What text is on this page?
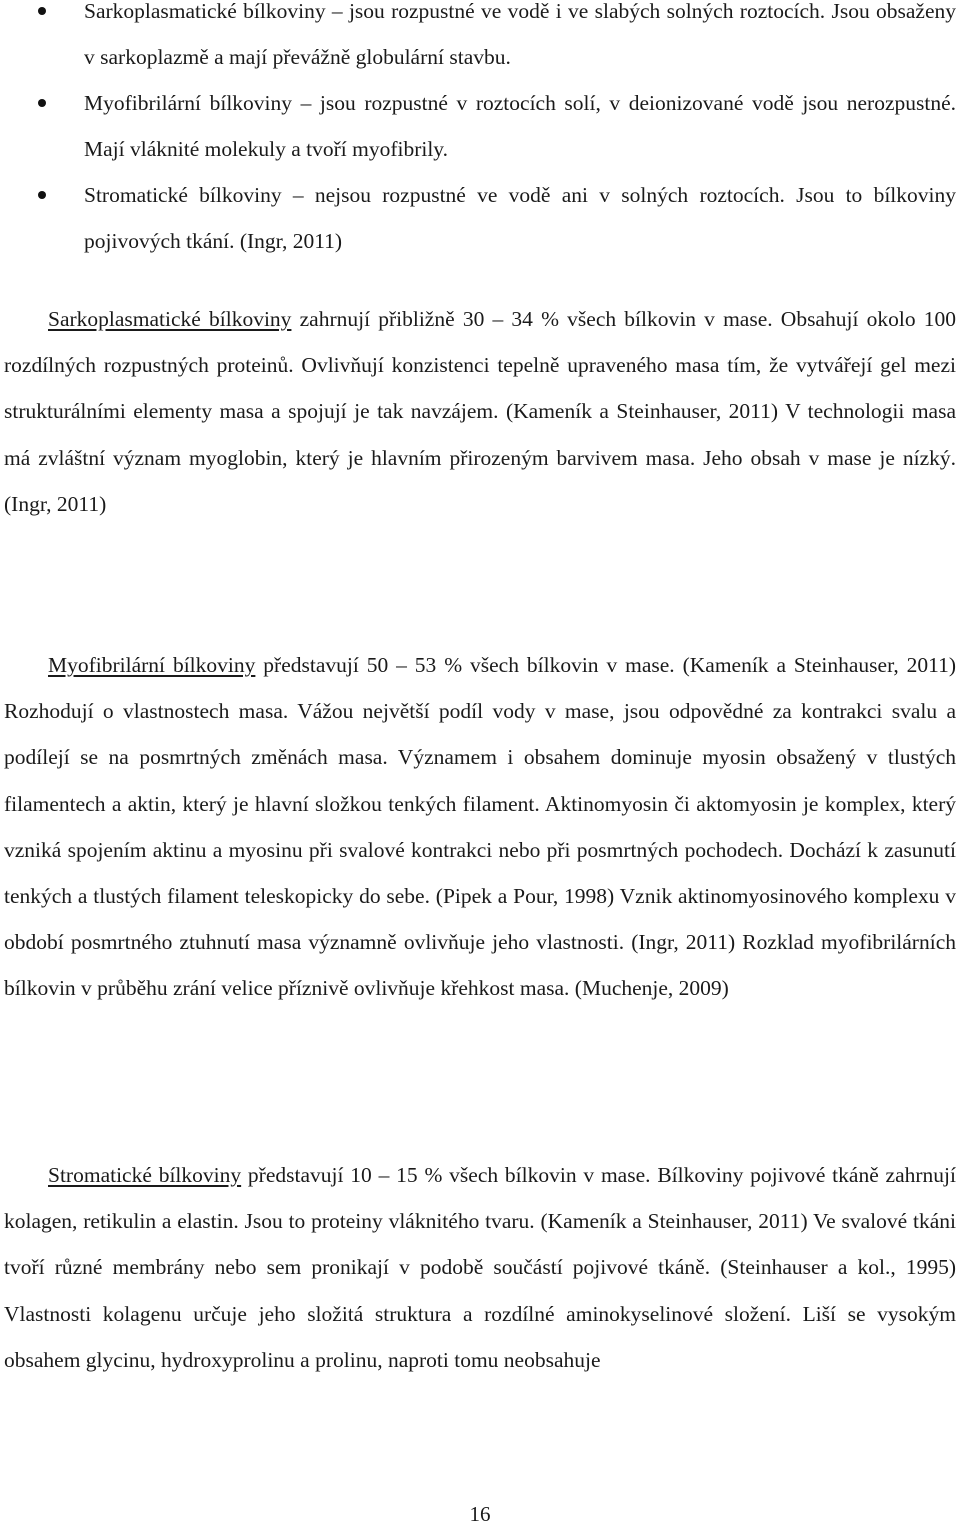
Sarkoplasmatické bílkoviny – jsou rozpustné ve vodě i ve slabých solných roztocích. Jsou obsaženy v sarkoplazmě a mají převážně globulární stavbu.
Myofibrilární bílkoviny – jsou rozpustné v roztocích solí, v deionizované vodě jsou nerozpustné. Mají vláknité molekuly a tvoří myofibrily.
Stromatické bílkoviny – nejsou rozpustné ve vodě ani v solných roztocích. Jsou to bílkoviny pojivových tkání. (Ingr, 2011)

Sarkoplasmatické bílkoviny zahrnují přibližně 30 – 34 % všech bílkovin v mase. Obsahují okolo 100 rozdílných rozpustných proteinů. Ovlivňují konzistenci tepelně upraveného masa tím, že vytvářejí gel mezi strukturálními elementy masa a spojují je tak navzájem. (Kameník a Steinhauser, 2011) V technologii masa má zvláštní význam myoglobin, který je hlavním přirozeným barvivem masa. Jeho obsah v mase je nízký. (Ingr, 2011)

Myofibrilární bílkoviny představují 50 – 53 % všech bílkovin v mase. (Kameník a Steinhauser, 2011) Rozhodují o vlastnostech masa. Vážou největší podíl vody v mase, jsou odpovědné za kontrakci svalu a podílejí se na posmrtných změnách masa. Významem i obsahem dominuje myosin obsažený v tlustých filamentech a aktin, který je hlavní složkou tenkých filament. Aktinomyosin či aktomyosin je komplex, který vzniká spojením aktinu a myosinu při svalové kontrakci nebo při posmrtných pochodech. Dochází k zasunutí tenkých a tlustých filament teleskopicky do sebe. (Pipek a Pour, 1998) Vznik aktinomyosinového komplexu v období posmrtného ztuhnutí masa významně ovlivňuje jeho vlastnosti. (Ingr, 2011) Rozklad myofibrilárních bílkovin v průběhu zrání velice příznivě ovlivňuje křehkost masa. (Muchenje, 2009)

Stromatické bílkoviny představují 10 – 15 % všech bílkovin v mase. Bílkoviny pojivové tkáně zahrnují kolagen, retikulin a elastin. Jsou to proteiny vláknitého tvaru. (Kameník a Steinhauser, 2011) Ve svalové tkáni tvoří různé membrány nebo sem pronikají v podobě součástí pojivové tkáně. (Steinhauser a kol., 1995) Vlastnosti kolagenu určuje jeho složitá struktura a rozdílné aminokyselinové složení. Liší se vysokým obsahem glycinu, hydroxyprolinu a prolinu, naproti tomu neobsahuje

16
